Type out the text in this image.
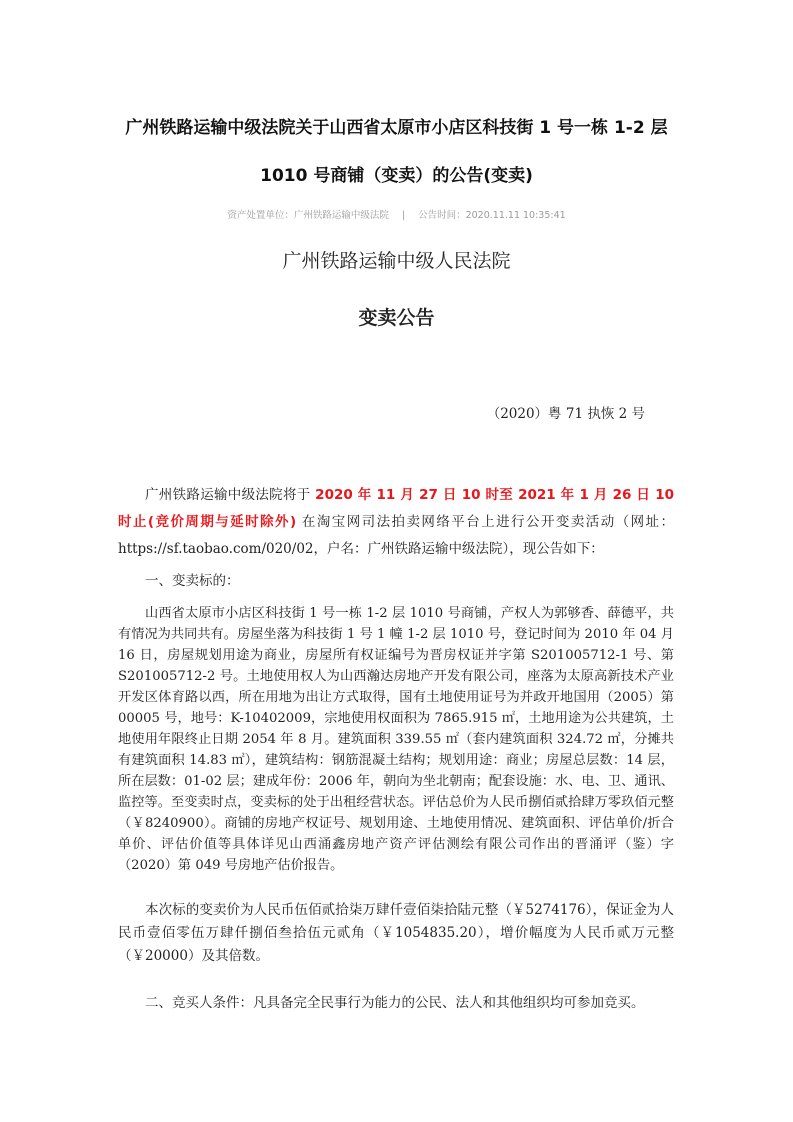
广州铁路运输中级法院关于山西省太原市小店区科技街 1 号一栋 1-2 层 1010 号商铺（变卖）的公告(变卖)
资产处置单位：广州铁路运输中级法院 | 公告时间：2020.11.11 10:35:41
广州铁路运输中级人民法院
变卖公告
（2020）粤 71 执恢 2 号

广州铁路运输中级法院将于 2020 年 11 月 27 日 10 时至 2021 年 1 月 26 日 10 时止(竞价周期与延时除外) 在淘宝网司法拍卖网络平台上进行公开变卖活动（网址：https://sf.taobao.com/020/02，户名：广州铁路运输中级法院），现公告如下：

一、变卖标的：

山西省太原市小店区科技街 1 号一栋 1-2 层 1010 号商铺，产权人为郭够香、薛德平，共有情况为共同共有。房屋坐落为科技街 1 号 1 幢 1-2 层 1010 号，登记时间为 2010 年 04 月 16 日，房屋规划用途为商业，房屋所有权证编号为晋房权证并字第 S201005712-1 号、第 S201005712-2 号。土地使用权人为山西瀚达房地产开发有限公司，座落为太原高新技术产业开发区体育路以西，所在用地为出让方式取得，国有土地使用证号为并政开地国用（2005）第 00005 号，地号：K-10402009，宗地使用权面积为 7865.915 ㎡，土地用途为公共建筑，土地使用年限终止日期 2054 年 8 月。建筑面积 339.55 ㎡（套内建筑面积 324.72 ㎡，分摊共有建筑面积 14.83 ㎡），建筑结构：钢筋混凝土结构；规划用途：商业；房屋总层数：14 层，所在层数：01-02 层；建成年份：2006 年，朝向为坐北朝南；配套设施：水、电、卫、通讯、监控等。至变卖时点，变卖标的处于出租经营状态。评估总价为人民币捌佰贰拾肆万零玖佰元整（￥8240900）。商铺的房地产权证号、规划用途、土地使用情况、建筑面积、评估单价/折合单价、评估价值等具体详见山西涌鑫房地产资产评估测绘有限公司作出的晋涌评（鉴）字（2020）第 049 号房地产估价报告。

本次标的变卖价为人民币伍佰贰拾柒万肆仟壹佰柒拾陆元整（￥5274176），保证金为人民币壹佰零伍万肆仟捌佰叁拾伍元贰角（￥1054835.20），增价幅度为人民币贰万元整（￥20000）及其倍数。

二、竞买人条件：凡具备完全民事行为能力的公民、法人和其他组织均可参加竞买。
